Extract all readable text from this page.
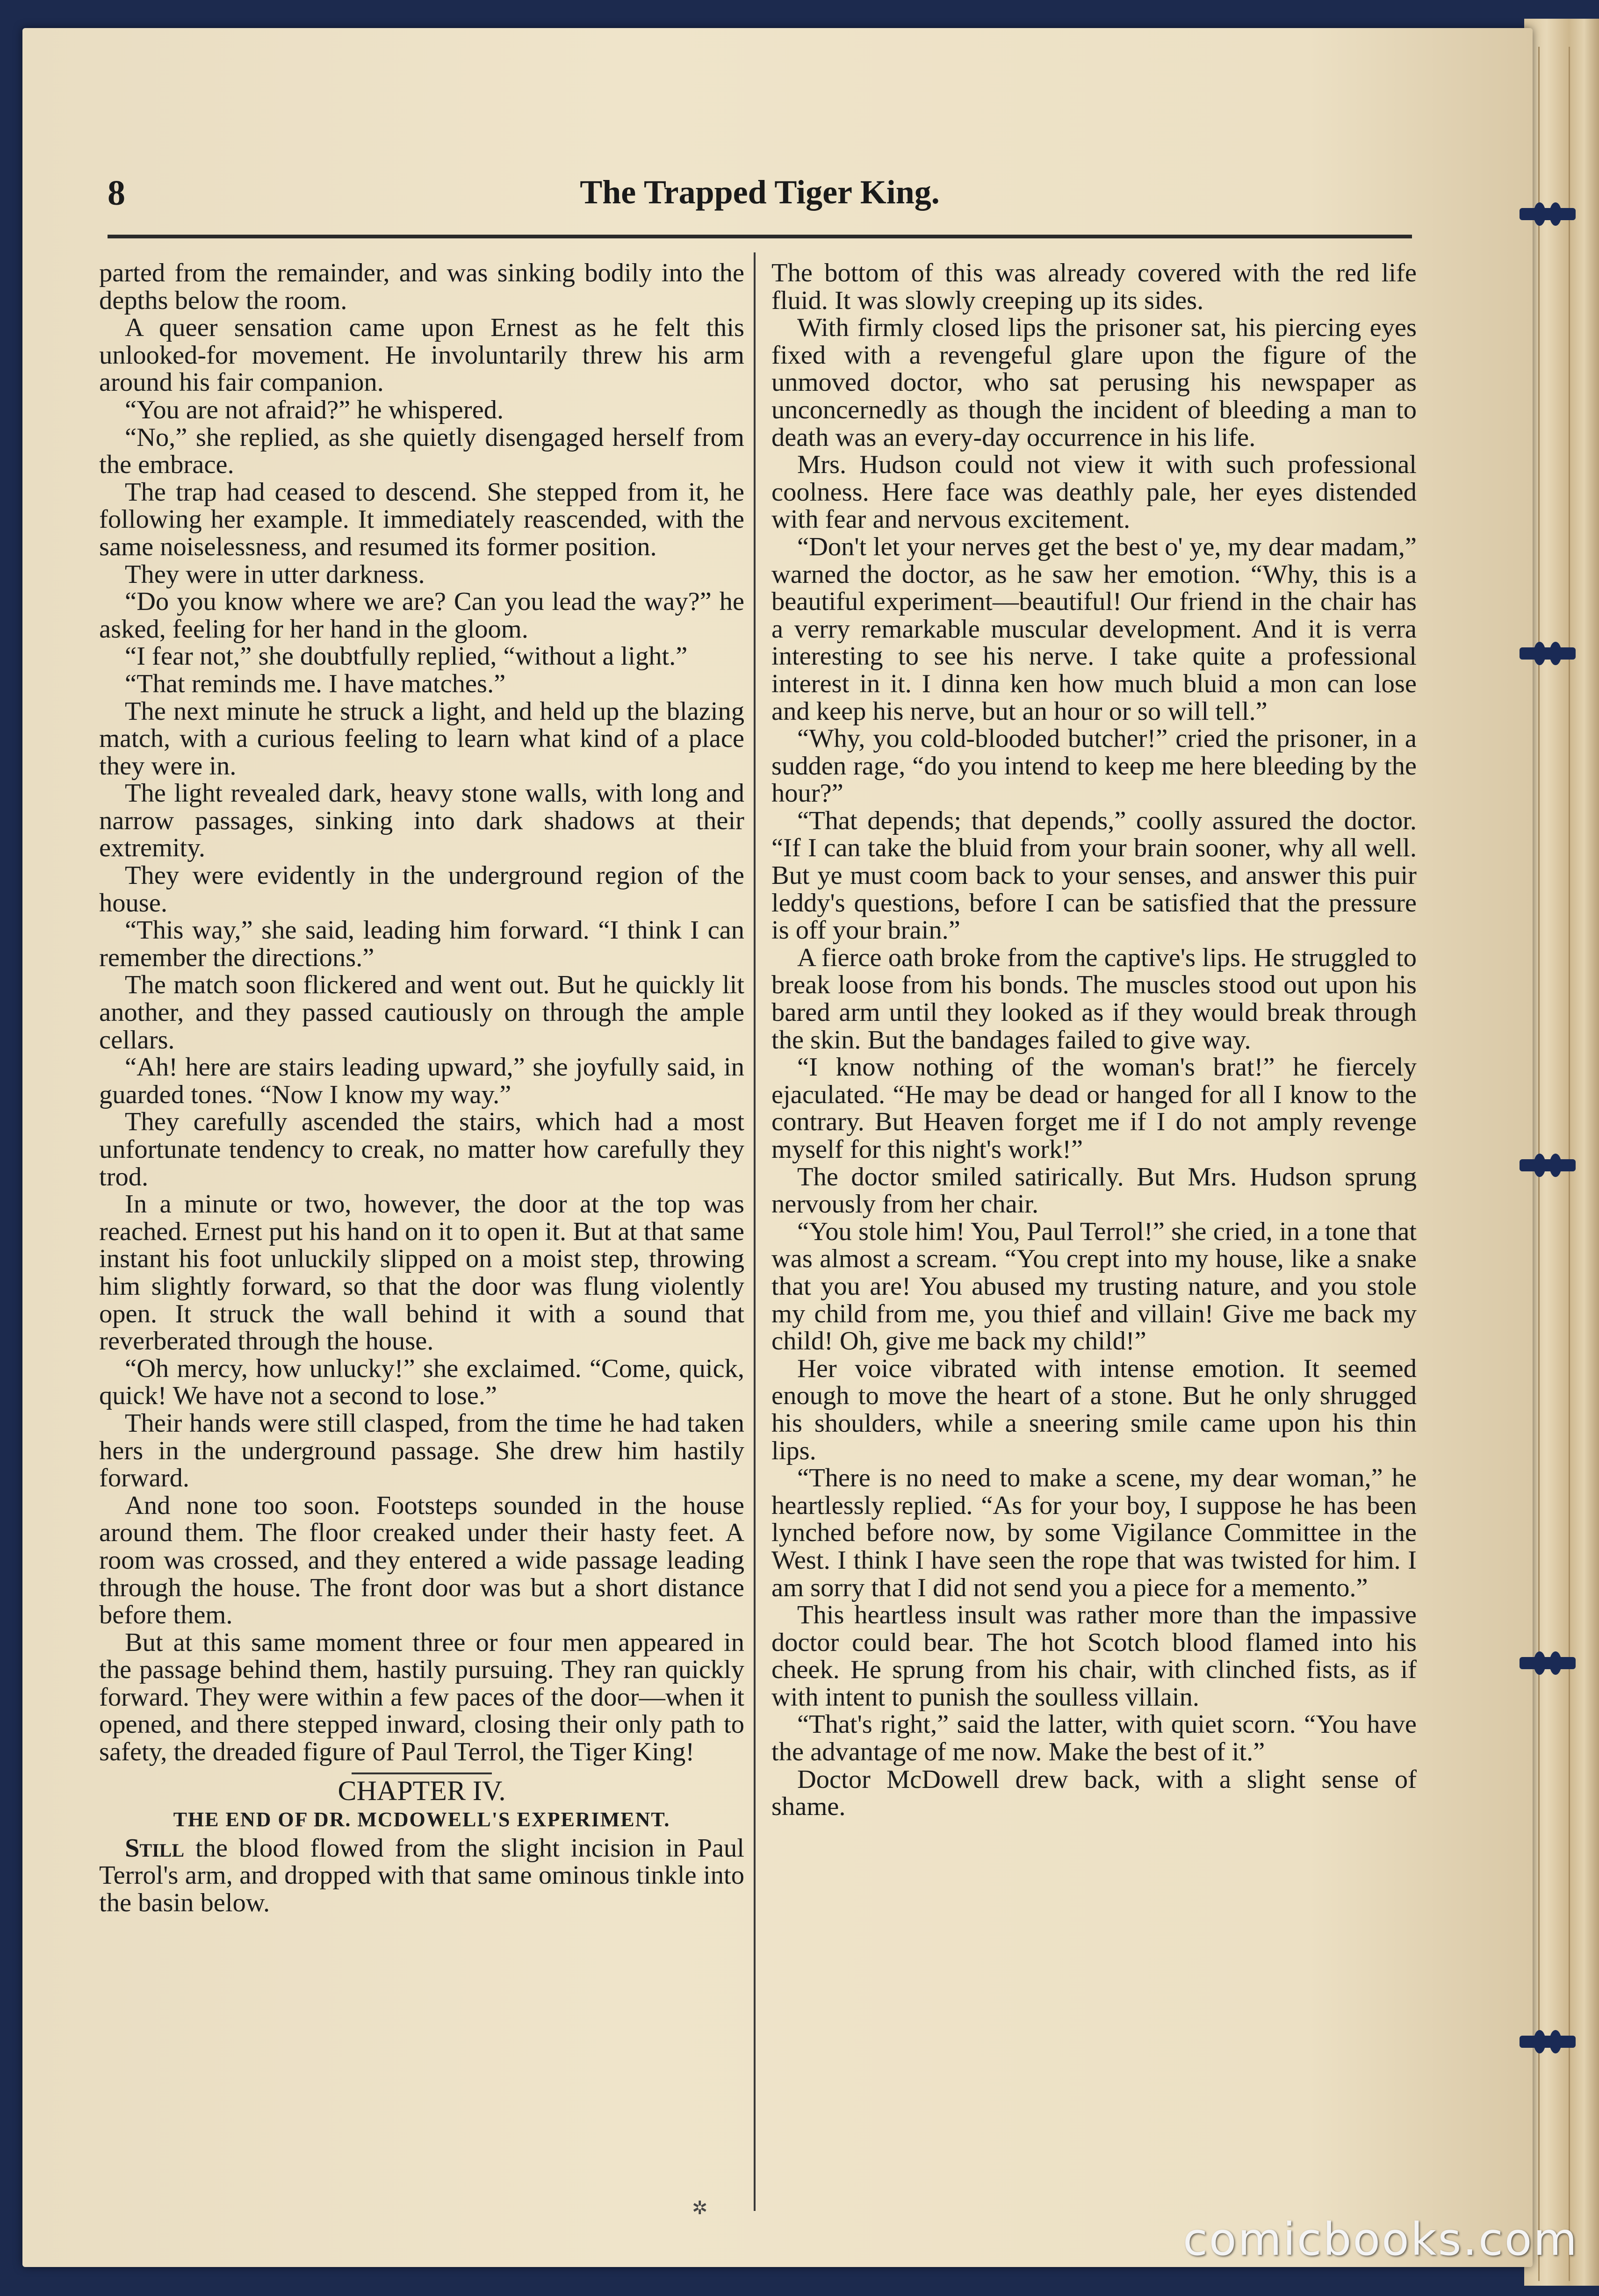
8	The Trapped Tiger King.

parted from the remainder, and was sinking bodily into the depths below the room.

A queer sensation came upon Ernest as he felt this unlooked-for movement. He involuntarily threw his arm around his fair companion.

“You are not afraid?” he whispered.

“No,” she replied, as she quietly disengaged herself from the embrace.

The trap had ceased to descend. She stepped from it, he following her example. It immediately reascended, with the same noiselessness, and resumed its former position.

They were in utter darkness.

“Do you know where we are? Can you lead the way?” he asked, feeling for her hand in the gloom.

“I fear not,” she doubtfully replied, “without a light.”

“That reminds me. I have matches.”

The next minute he struck a light, and held up the blazing match, with a curious feeling to learn what kind of a place they were in.

The light revealed dark, heavy stone walls, with long and narrow passages, sinking into dark shadows at their extremity.

They were evidently in the underground region of the house.

“This way,” she said, leading him forward. “I think I can remember the directions.”

The match soon flickered and went out. But he quickly lit another, and they passed cautiously on through the ample cellars.

“Ah! here are stairs leading upward,” she joyfully said, in guarded tones. “Now I know my way.”

They carefully ascended the stairs, which had a most unfortunate tendency to creak, no matter how carefully they trod.

In a minute or two, however, the door at the top was reached. Ernest put his hand on it to open it. But at that same instant his foot unluckily slipped on a moist step, throwing him slightly forward, so that the door was flung violently open. It struck the wall behind it with a sound that reverberated through the house.

“Oh mercy, how unlucky!” she exclaimed. “Come, quick, quick! We have not a second to lose.”

Their hands were still clasped, from the time he had taken hers in the underground passage. She drew him hastily forward.

And none too soon. Footsteps sounded in the house around them. The floor creaked under their hasty feet. A room was crossed, and they entered a wide passage leading through the house. The front door was but a short distance before them.

But at this same moment three or four men appeared in the passage behind them, hastily pursuing. They ran quickly forward. They were within a few paces of the door—when it opened, and there stepped inward, closing their only path to safety, the dreaded figure of Paul Terrol, the Tiger King!

CHAPTER IV.
THE END OF DR. MCDOWELL'S EXPERIMENT.

Still the blood flowed from the slight incision in Paul Terrol's arm, and dropped with that same ominous tinkle into the basin below.

The bottom of this was already covered with the red life fluid. It was slowly creeping up its sides.

With firmly closed lips the prisoner sat, his piercing eyes fixed with a revengeful glare upon the figure of the unmoved doctor, who sat perusing his newspaper as unconcernedly as though the incident of bleeding a man to death was an every-day occurrence in his life.

Mrs. Hudson could not view it with such professional coolness. Here face was deathly pale, her eyes distended with fear and nervous excitement.

“Don't let your nerves get the best o' ye, my dear madam,” warned the doctor, as he saw her emotion. “Why, this is a beautiful experiment—beautiful! Our friend in the chair has a verry remarkable muscular development. And it is verra interesting to see his nerve. I take quite a professional interest in it. I dinna ken how much bluid a mon can lose and keep his nerve, but an hour or so will tell.”

“Why, you cold-blooded butcher!” cried the prisoner, in a sudden rage, “do you intend to keep me here bleeding by the hour?”

“That depends; that depends,” coolly assured the doctor. “If I can take the bluid from your brain sooner, why all well. But ye must coom back to your senses, and answer this puir leddy's questions, before I can be satisfied that the pressure is off your brain.”

A fierce oath broke from the captive's lips. He struggled to break loose from his bonds. The muscles stood out upon his bared arm until they looked as if they would break through the skin. But the bandages failed to give way.

“I know nothing of the woman's brat!” he fiercely ejaculated. “He may be dead or hanged for all I know to the contrary. But Heaven forget me if I do not amply revenge myself for this night's work!”

The doctor smiled satirically. But Mrs. Hudson sprung nervously from her chair.

“You stole him! You, Paul Terrol!” she cried, in a tone that was almost a scream. “You crept into my house, like a snake that you are! You abused my trusting nature, and you stole my child from me, you thief and villain! Give me back my child! Oh, give me back my child!”

Her voice vibrated with intense emotion. It seemed enough to move the heart of a stone. But he only shrugged his shoulders, while a sneering smile came upon his thin lips.

“There is no need to make a scene, my dear woman,” he heartlessly replied. “As for your boy, I suppose he has been lynched before now, by some Vigilance Committee in the West. I think I have seen the rope that was twisted for him. I am sorry that I did not send you a piece for a memento.”

This heartless insult was rather more than the impassive doctor could bear. The hot Scotch blood flamed into his cheek. He sprung from his chair, with clinched fists, as if with intent to punish the soulless villain.

“That's right,” said the latter, with quiet scorn. “You have the advantage of me now. Make the best of it.”

Doctor McDowell drew back, with a slight sense of shame.

✲
comicbooks.com
